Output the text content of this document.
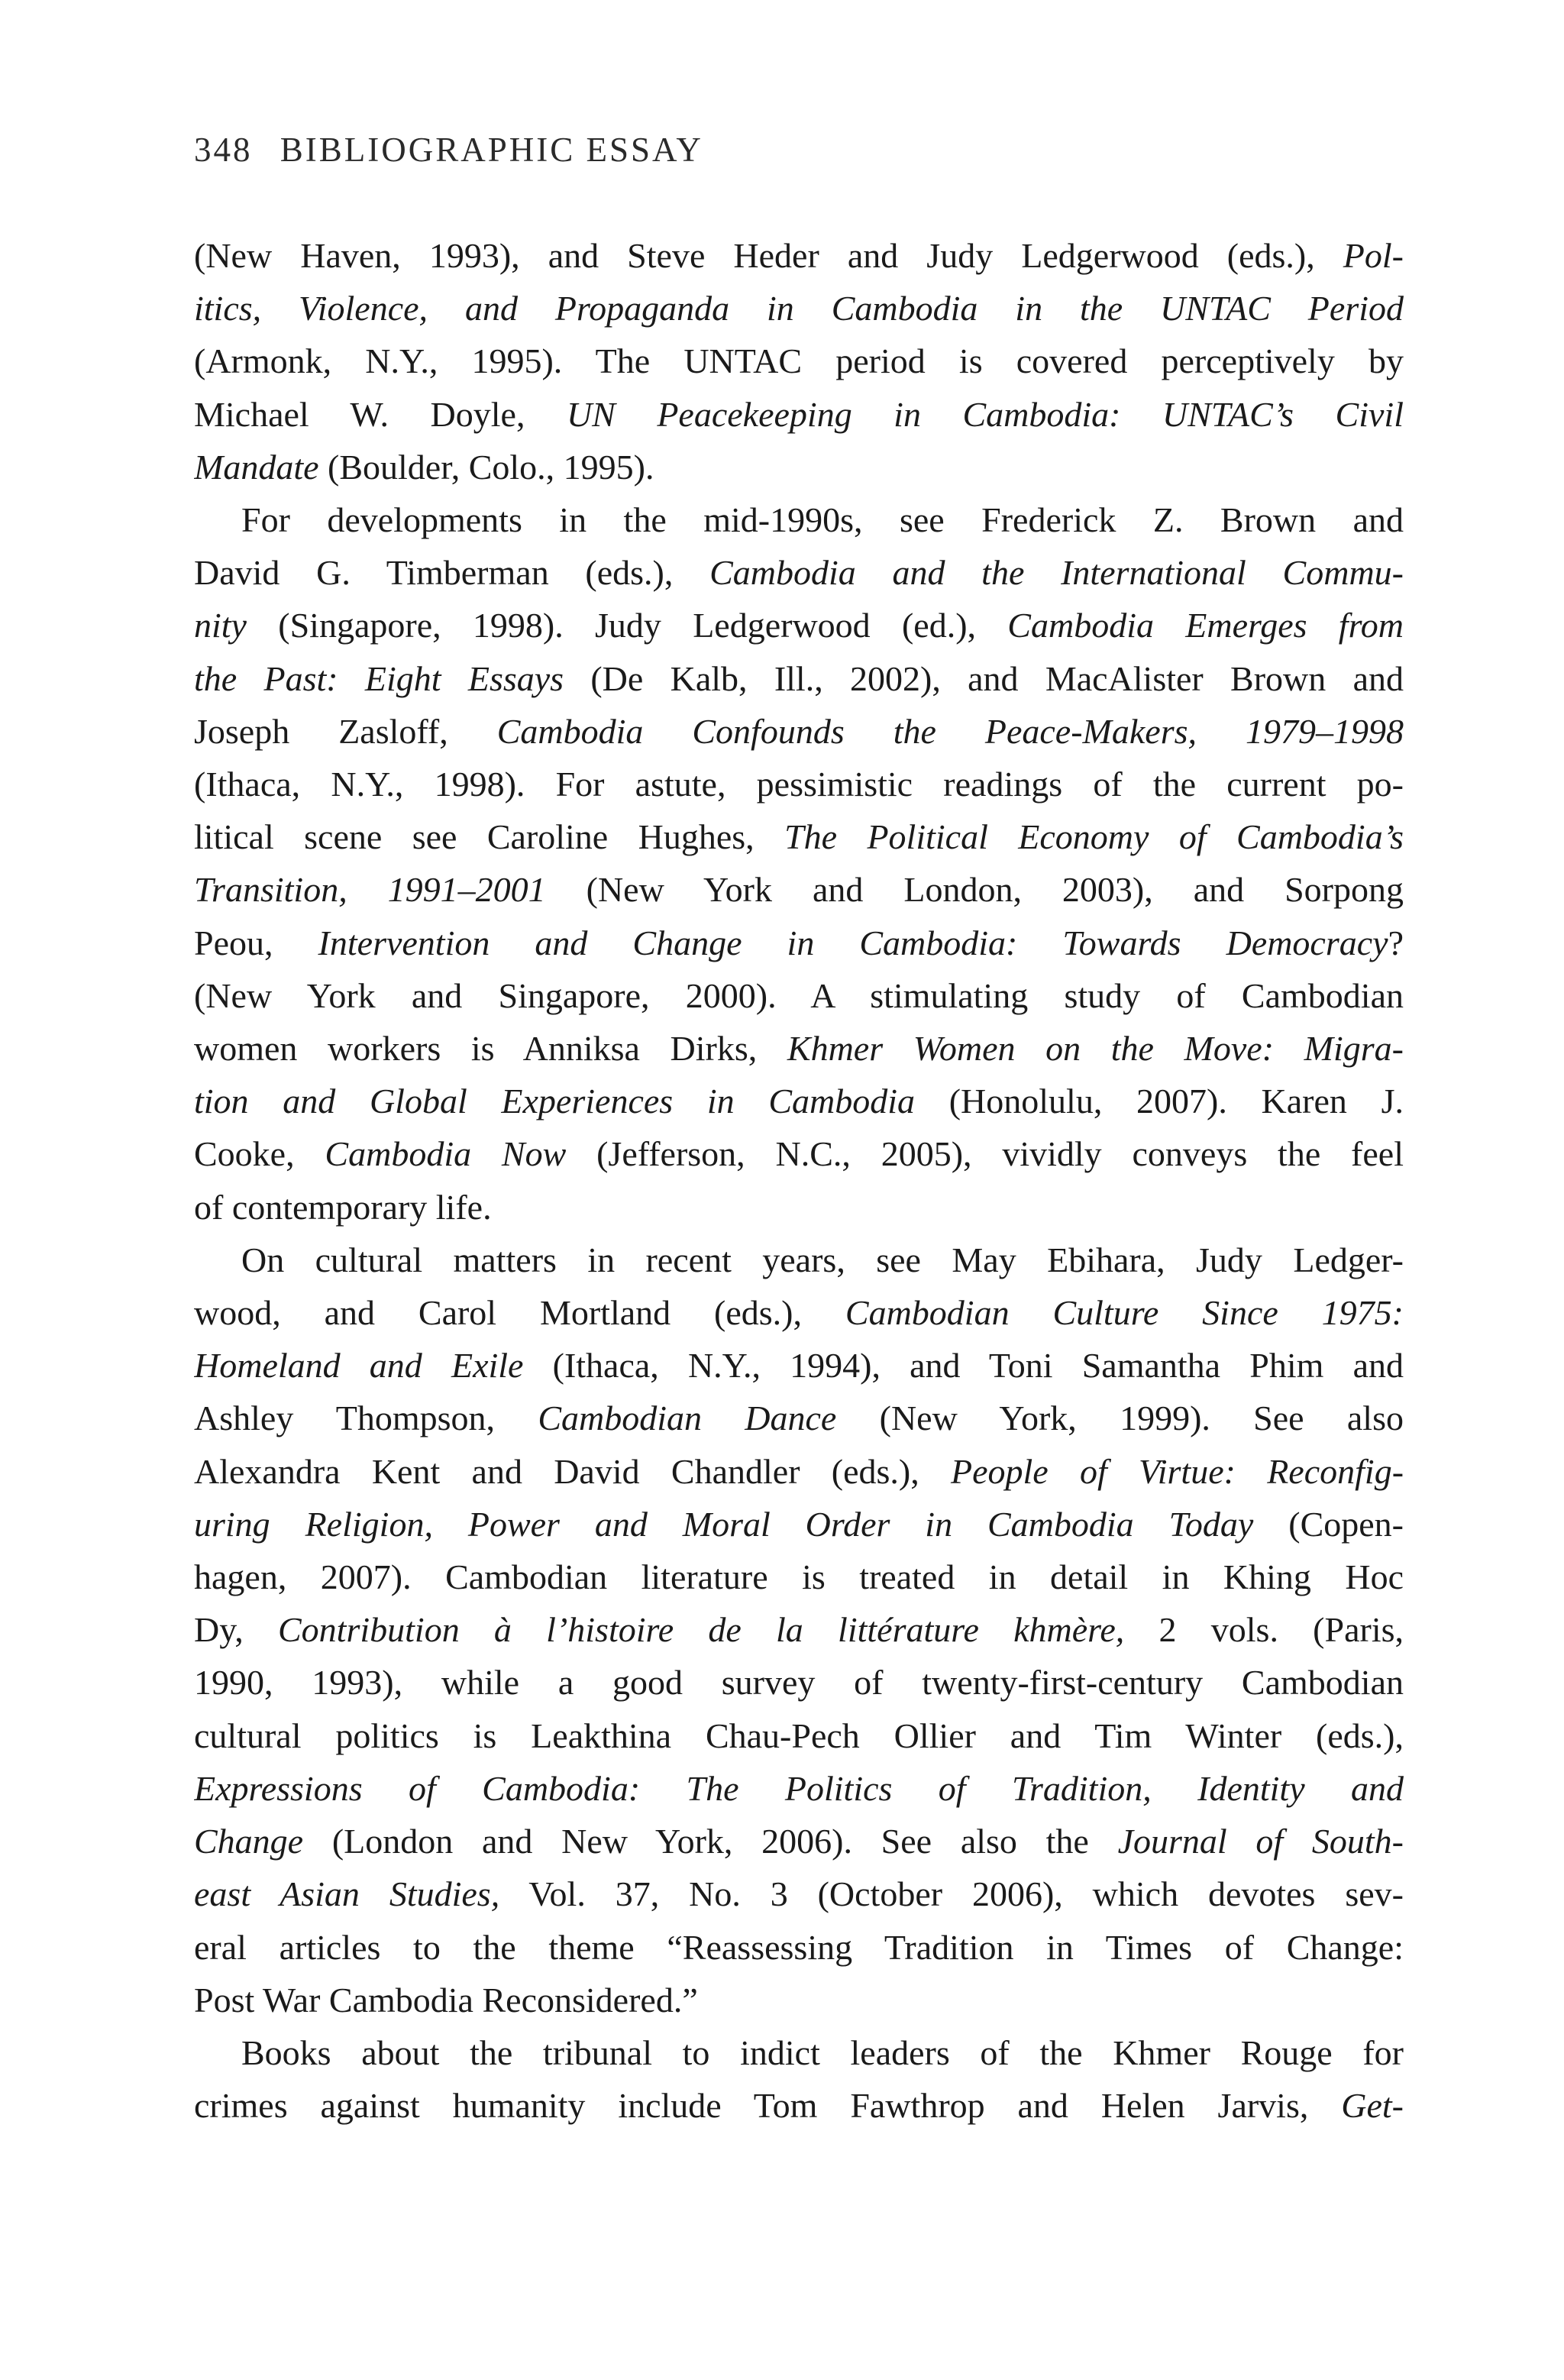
348 BIBLIOGRAPHIC ESSAY
(New Haven, 1993), and Steve Heder and Judy Ledgerwood (eds.), Pol-
itics, Violence, and Propaganda in Cambodia in the UNTAC Period
(Armonk, N.Y., 1995). The UNTAC period is covered perceptively by
Michael W. Doyle, UN Peacekeeping in Cambodia: UNTAC’s Civil
Mandate (Boulder, Colo., 1995).
For developments in the mid-1990s, see Frederick Z. Brown and
David G. Timberman (eds.), Cambodia and the International Commu-
nity (Singapore, 1998). Judy Ledgerwood (ed.), Cambodia Emerges from
the Past: Eight Essays (De Kalb, Ill., 2002), and MacAlister Brown and
Joseph Zasloff, Cambodia Confounds the Peace-Makers, 1979–1998
(Ithaca, N.Y., 1998). For astute, pessimistic readings of the current po-
litical scene see Caroline Hughes, The Political Economy of Cambodia’s
Transition, 1991–2001 (New York and London, 2003), and Sorpong
Peou, Intervention and Change in Cambodia: Towards Democracy?
(New York and Singapore, 2000). A stimulating study of Cambodian
women workers is Anniksa Dirks, Khmer Women on the Move: Migra-
tion and Global Experiences in Cambodia (Honolulu, 2007). Karen J.
Cooke, Cambodia Now (Jefferson, N.C., 2005), vividly conveys the feel
of contemporary life.
On cultural matters in recent years, see May Ebihara, Judy Ledger-
wood, and Carol Mortland (eds.), Cambodian Culture Since 1975:
Homeland and Exile (Ithaca, N.Y., 1994), and Toni Samantha Phim and
Ashley Thompson, Cambodian Dance (New York, 1999). See also
Alexandra Kent and David Chandler (eds.), People of Virtue: Reconfig-
uring Religion, Power and Moral Order in Cambodia Today (Copen-
hagen, 2007). Cambodian literature is treated in detail in Khing Hoc
Dy, Contribution à l’histoire de la littérature khmère, 2 vols. (Paris,
1990, 1993), while a good survey of twenty-first-century Cambodian
cultural politics is Leakthina Chau-Pech Ollier and Tim Winter (eds.),
Expressions of Cambodia: The Politics of Tradition, Identity and
Change (London and New York, 2006). See also the Journal of South-
east Asian Studies, Vol. 37, No. 3 (October 2006), which devotes sev-
eral articles to the theme “Reassessing Tradition in Times of Change:
Post War Cambodia Reconsidered.”
Books about the tribunal to indict leaders of the Khmer Rouge for
crimes against humanity include Tom Fawthrop and Helen Jarvis, Get-
